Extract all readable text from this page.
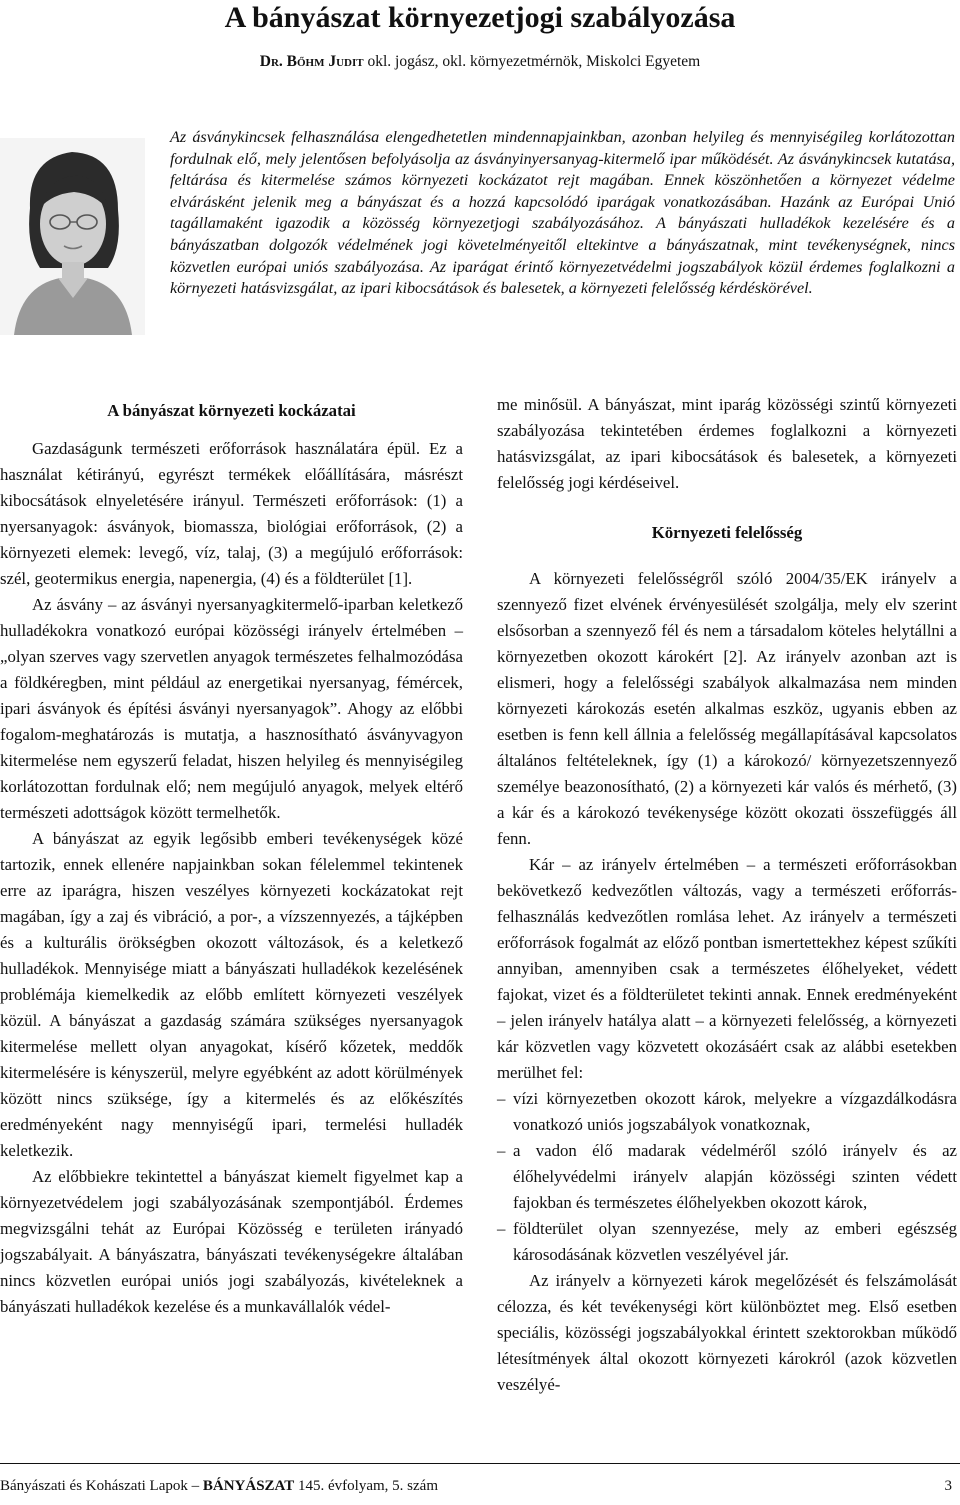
A bányászat környezetjogi szabályozása
Dr. Bőhm Judit okl. jogász, okl. környezetmérnök, Miskolci Egyetem

Az ásványkincsek felhasználása elengedhetetlen mindennapjainkban, azonban helyileg és mennyiségileg korlátozottan fordulnak elő, mely jelentősen befolyásolja az ásványinyersanyag-kitermelő ipar működését. Az ásványkincsek kutatása, feltárása és kitermelése számos környezeti kockázatot rejt magában. Ennek köszönhetően a környezet védelme elvárásként jelenik meg a bányászat és a hozzá kapcsolódó iparágak vonatkozásában. Hazánk az Európai Unió tagállamaként igazodik a közösség környezetjogi szabályozásához. A bányászati hulladékok kezelésére és a bányászatban dolgozók védelmének jogi követelményeitől eltekintve a bányászatnak, mint tevékenységnek, nincs közvetlen európai uniós szabályozása. Az iparágat érintő környezetvédelmi jogszabályok közül érdemes foglalkozni a környezeti hatásvizsgálat, az ipari kibocsátások és balesetek, a környezeti felelősség kérdéskörével.

A bányászat környezeti kockázatai

Gazdaságunk természeti erőforrások használatára épül. Ez a használat kétirányú, egyrészt termékek előállítására, másrészt kibocsátások elnyeletésére irányul. Természeti erőforrások: (1) a nyersanyagok: ásványok, biomassza, biológiai erőforrások, (2) a környezeti elemek: levegő, víz, talaj, (3) a megújuló erőforrások: szél, geotermikus energia, napenergia, (4) és a földterület [1].

Az ásvány – az ásványi nyersanyagkitermelő-iparban keletkező hulladékokra vonatkozó európai közösségi irányelv értelmében – „olyan szerves vagy szervetlen anyagok természetes felhalmozódása a földkéregben, mint például az energetikai nyersanyag, fémércek, ipari ásványok és építési ásványi nyersanyagok”. Ahogy az előbbi fogalom-meghatározás is mutatja, a hasznosítható ásványvagyon kitermelése nem egyszerű feladat, hiszen helyileg és mennyiségileg korlátozottan fordulnak elő; nem megújuló anyagok, melyek eltérő természeti adottságok között termelhetők.

A bányászat az egyik legősibb emberi tevékenységek közé tartozik, ennek ellenére napjainkban sokan félelemmel tekintenek erre az iparágra, hiszen veszélyes környezeti kockázatokat rejt magában, így a zaj és vibráció, a por-, a vízszennyezés, a tájképben és a kulturális örökségben okozott változások, és a keletkező hulladékok. Mennyisége miatt a bányászati hulladékok kezelésének problémája kiemelkedik az előbb említett környezeti veszélyek közül. A bányászat a gazdaság számára szükséges nyersanyagok kitermelése mellett olyan anyagokat, kísérő kőzetek, meddők kitermelésére is kényszerül, melyre egyébként az adott körülmények között nincs szüksége, így a kitermelés és az előkészítés eredményeként nagy mennyiségű ipari, termelési hulladék keletkezik.

Az előbbiekre tekintettel a bányászat kiemelt figyelmet kap a környezetvédelem jogi szabályozásának szempontjából. Érdemes megvizsgálni tehát az Európai Közösség e területen irányadó jogszabályait. A bányászatra, bányászati tevékenységekre általában nincs közvetlen európai uniós jogi szabályozás, kivételeknek a bányászati hulladékok kezelése és a munkavállalók védel-

me minősül. A bányászat, mint iparág közösségi szintű környezeti szabályozása tekintetében érdemes foglalkozni a környezeti hatásvizsgálat, az ipari kibocsátások és balesetek, a környezeti felelősség jogi kérdéseivel.

Környezeti felelősség

A környezeti felelősségről szóló 2004/35/EK irányelv a szennyező fizet elvének érvényesülését szolgálja, mely elv szerint elsősorban a szennyező fél és nem a társadalom köteles helytállni a környezetben okozott károkért [2]. Az irányelv azonban azt is elismeri, hogy a felelősségi szabályok alkalmazása nem minden környezeti károkozás esetén alkalmas eszköz, ugyanis ebben az esetben is fenn kell állnia a felelősség megállapításával kapcsolatos általános feltételeknek, így (1) a károkozó/ környezetszennyező személye beazonosítható, (2) a környezeti kár valós és mérhető, (3) a kár és a károkozó tevékenysége között okozati összefüggés áll fenn.

Kár – az irányelv értelmében – a természeti erőforrásokban bekövetkező kedvezőtlen változás, vagy a természeti erőforrás-felhasználás kedvezőtlen romlása lehet. Az irányelv a természeti erőforrások fogalmát az előző pontban ismertettekhez képest szűkíti annyiban, amennyiben csak a természetes élőhelyeket, védett fajokat, vizet és a földterületet tekinti annak. Ennek eredményeként – jelen irányelv hatálya alatt – a környezeti felelősség, a környezeti kár közvetlen vagy közvetett okozásáért csak az alábbi esetekben merülhet fel:

– vízi környezetben okozott károk, melyekre a vízgazdálkodásra vonatkozó uniós jogszabályok vonatkoznak,
– a vadon élő madarak védelméről szóló irányelv és az élőhelyvédelmi irányelv alapján közösségi szinten védett fajokban és természetes élőhelyekben okozott károk,
– földterület olyan szennyezése, mely az emberi egészség károsodásának közvetlen veszélyével jár.

Az irányelv a környezeti károk megelőzését és felszámolását célozza, és két tevékenységi kört különböztet meg. Első esetben speciális, közösségi jogszabályokkal érintett szektorokban működő létesítmények által okozott környezeti károkról (azok közvetlen veszélyé-

Bányászati és Kohászati Lapok – BÁNYÁSZAT 145. évfolyam, 5. szám	3
